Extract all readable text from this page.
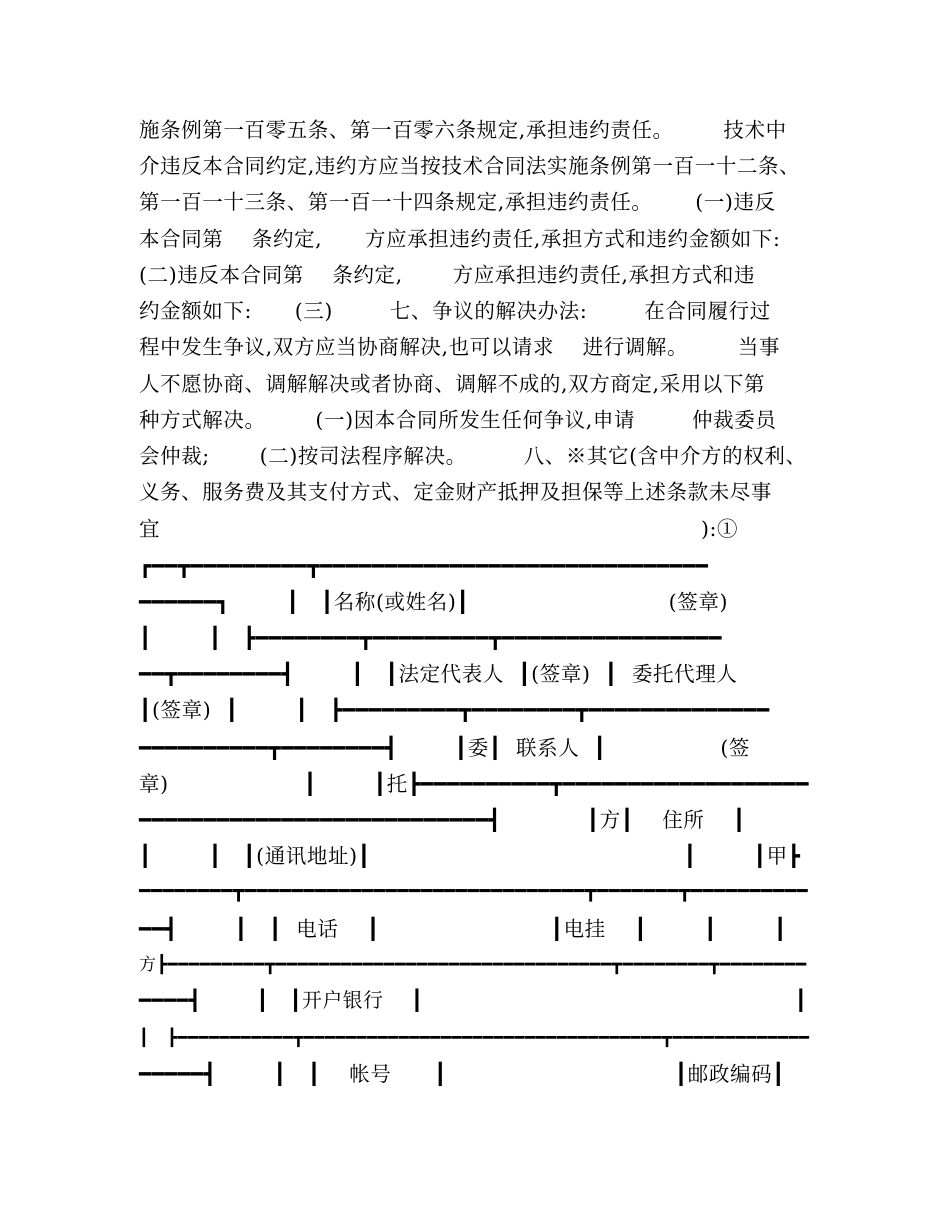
施条例第一百零五条、第一百零六条规定,承担违约责任。       技术中
介违反本合同约定,违约方应当按技术合同法实施条例第一百一十二条、
第一百一十三条、第一百一十四条规定,承担违约责任。      (一)违反
本合同第    条约定,      方应承担违约责任,承担方式和违约金额如下:
(二)违反本合同第    条约定,       方应承担违约责任,承担方式和违
约金额如下:      (三)        七、争议的解决办法:        在合同履行过
程中发生争议,双方应当协商解决,也可以请求    进行调解。       当事
人不愿协商、调解解决或者协商、调解不成的,双方商定,采用以下第
种方式解决。       (一)因本合同所发生任何争议,申请        仲裁委员
会仲裁;       (二)按司法程序解决。        八、※其它(含中介方的权利、
义务、服务费及其支付方式、定金财产抵押及担保等上述条款未尽事
宜                                                                            ):①
┏━━┳━━━━━━━━━┳━━━━━━━━━━━━━━━━━━━━━━━━━━━━━━
━━━━━━┓        ┃   ┃名称(或姓名)┃                            (签章)
┃        ┃   ┣━━━━━━━━┳━━━━━━━━━┳━━━━━━━━━━━━━━━━━
━━┳━━━━━━━━┫        ┃   ┃法定代表人  ┃(签章)  ┃  委托代理人
┃(签章)  ┃        ┃   ┣━━━━━━━━━┳━━━━━━━━┳━━━━━━━━━━━━━━
━━━━━━━━━━┳━━━━━━━━┫        ┃委┃  联系人  ┃                (签
章)                   ┃        ┃托┣━━━━━━━━━━┳━━━━━━━━━━━━━━━━━━━
━━━━━━━━━━━━━━━━━━━━━━━━━━━┫            ┃方┃    住所    ┃
┃        ┃   ┃(通讯地址)┃                                            ┃        ┃甲┣
━━━━━━━━┳━━━━━━━━━━━━━━━━━━━━━━━━━━━━━┳━━━━━━━┳━━━━━━━━━━
━━┫        ┃   ┃  电话    ┃                        ┃电挂    ┃        ┃        ┃
方┣━━━━━━━━━┳━━━━━━━━━━━━━━━━━━━━━━━━━━━━━━━┳━━━━━━━━┳━━━━━━━━
━━━━┫        ┃   ┃开户银行    ┃                                                      ┃
┃   ┣━━━━━━━━━━━┳━━━━━━━━━━━━━━━━━━━━━━━━━━━━━━━━━━┳━━━━━━━━━━━━━
━━━━━┫        ┃   ┃    帐号      ┃                                ┃邮政编码┃
